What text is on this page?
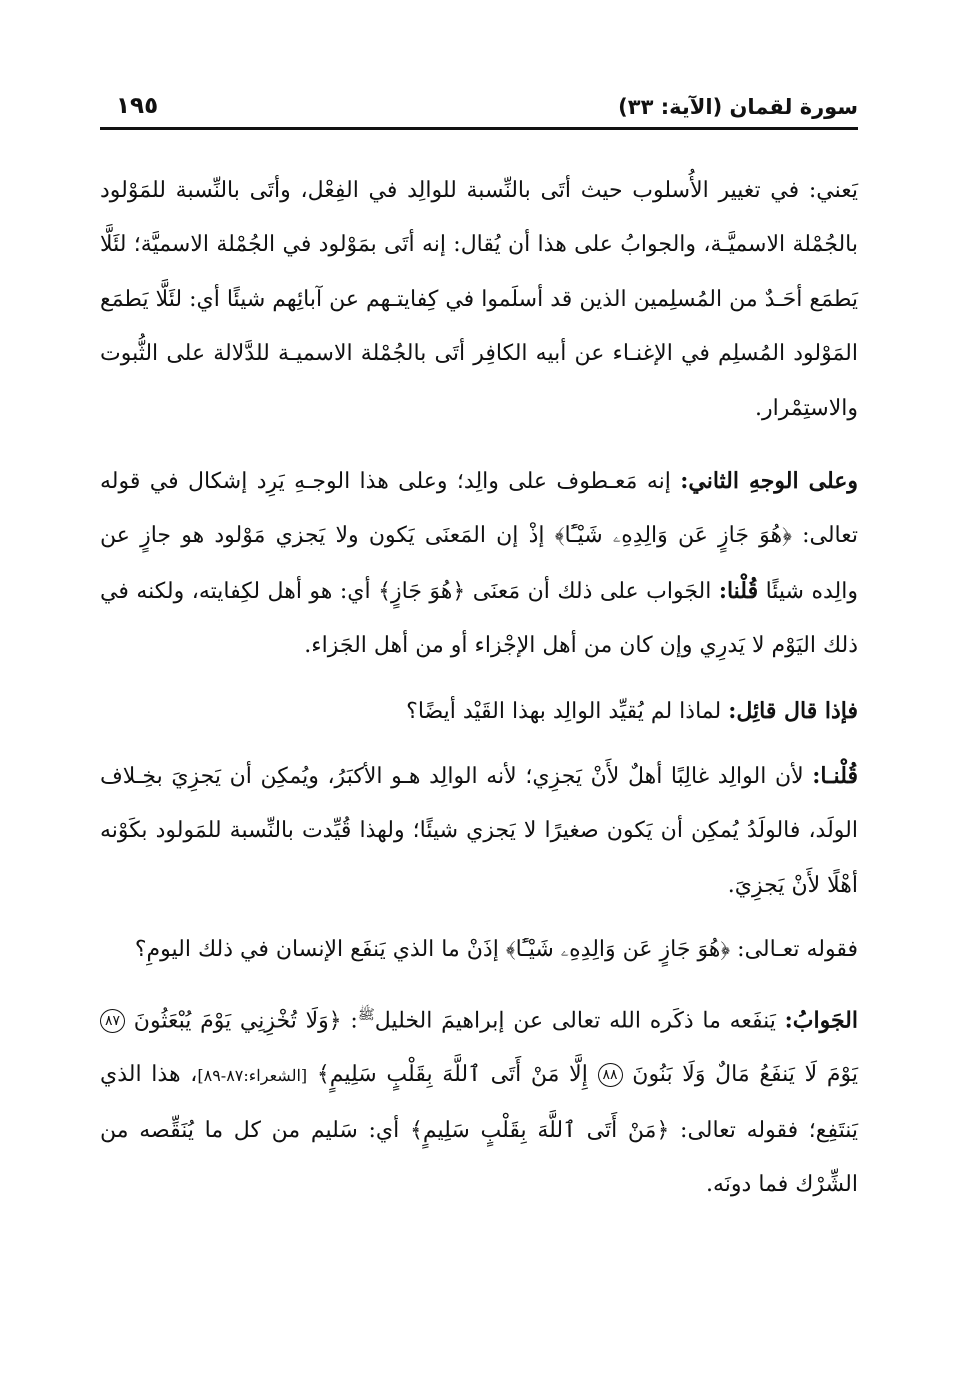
سورة لقمان (الآية: ٣٣)
١٩٥

يَعني: في تغيير الأُسلوب حيث أتَى بالنِّسبة للوالِد في الفِعْل، وأتَى بالنِّسبة للمَوْلود بالجُمْلة الاسميَّـة، والجوابُ على هذا أن يُقال: إنه أتَى بمَوْلود في الجُمْلة الاسميَّة؛ لئَلَّا يَطمَع أحَـدٌ من المُسلِمين الذين قد أسلَموا في كِفايتـهم عن آبائِهم شيئًا أي: لئَلَّا يَطمَع المَوْلود المُسلِم في الإغنـاء عن أبيه الكافِر أتَى بالجُمْلة الاسميـة للدَّلالة على الثُّبوت والاستِمْرار.

وعلى الوجهِ الثاني: إنه مَعـطوف على والِد؛ وعلى هذا الوجـهِ يَرِد إشكال في قوله تعالى: ﴿هُوَ جَازٍ عَن وَالِدِهِۦ شَيْـًٔا﴾ إذْ إن المَعنَى يَكون ولا يَجزي مَوْلود هو جازٍ عن والِده شيئًا قُلْنا: الجَواب على ذلك أن مَعنَى ﴿هُوَ جَازٍ﴾ أي: هو أهل لكِفايته، ولكنه في ذلك اليَوْم لا يَدرِي وإن كان من أهل الإجْزاء أو من أهل الجَزاء.

فإذا قال قائِل: لماذا لم يُقيِّد الوالِد بهذا القَيْد أيضًا؟

قُلْنـا: لأن الوالِد غالِبًا أهلٌ لأَنْ يَجزِي؛ لأنه الوالِد هـو الأكبَرُ، ويُمكِن أن يَجزِيَ بخِـلاف الولَد، فالولَدُ يُمكِن أن يَكون صغيرًا لا يَجزي شيئًا؛ ولهذا قُيِّدت بالنِّسبة للمَولود بكَوْنه أهْلًا لأَنْ يَجزِيَ.

فقوله تعـالى: ﴿هُوَ جَازٍ عَن وَالِدِهِۦ شَيْـًٔا﴾ إذَنْ ما الذي يَنفَع الإنسان في ذلك اليومِ؟

الجَوابُ: يَنفَعه ما ذكَره الله تعالى عن إبراهيمَ الخليل$^ﷺ$: ﴿وَلَا تُخْزِنِي يَوْمَ يُبْعَثُونَ ٨٧ يَوْمَ لَا يَنفَعُ مَالٌ وَلَا بَنُونَ ٨٨ إِلَّا مَنْ أَتَى ٱللَّهَ بِقَلْبٍ سَلِيمٍ﴾ [الشعراء:٨٧-٨٩]، هذا الذي يَنتَفِع؛ فقوله تعالى: ﴿مَنْ أَتَى ٱللَّهَ بِقَلْبٍ سَلِيمٍ﴾ أي: سَليم من كل ما يُنَقِّصه من الشِّرْك فما دونَه.
